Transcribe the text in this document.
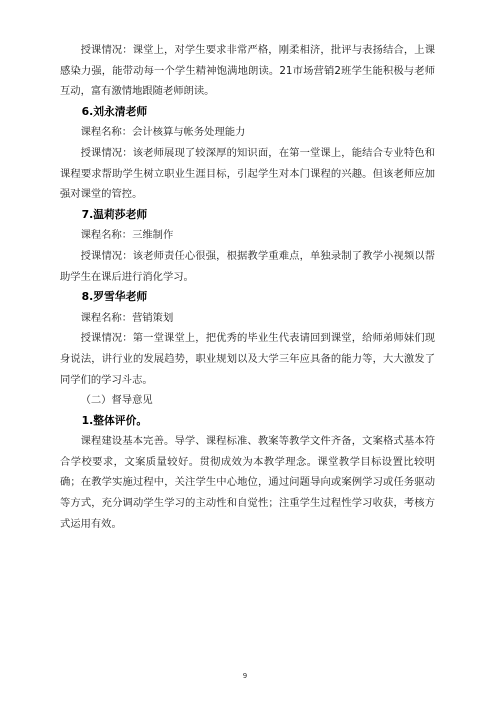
授课情况：课堂上，对学生要求非常严格，刚柔相济，批评与表扬结合，上课感染力强，能带动每一个学生精神饱满地朗读。21市场营销2班学生能积极与老师互动，富有激情地跟随老师朗读。

6.刘永清老师

课程名称：会计核算与帐务处理能力

授课情况：该老师展现了较深厚的知识面，在第一堂课上，能结合专业特色和课程要求帮助学生树立职业生涯目标，引起学生对本门课程的兴趣。但该老师应加强对课堂的管控。

7.温莉莎老师

课程名称：三维制作

授课情况：该老师责任心很强，根据教学重难点，单独录制了教学小视频以帮助学生在课后进行消化学习。

8.罗雪华老师

课程名称：营销策划

授课情况：第一堂课堂上，把优秀的毕业生代表请回到课堂，给师弟师妹们现身说法，讲行业的发展趋势，职业规划以及大学三年应具备的能力等，大大激发了同学们的学习斗志。

（二）督导意见

1.整体评价。

课程建设基本完善。导学、课程标准、教案等教学文件齐备，文案格式基本符合学校要求，文案质量较好。贯彻成效为本教学理念。课堂教学目标设置比较明确；在教学实施过程中，关注学生中心地位，通过问题导向或案例学习或任务驱动等方式，充分调动学生学习的主动性和自觉性；注重学生过程性学习收获，考核方式运用有效。

9
